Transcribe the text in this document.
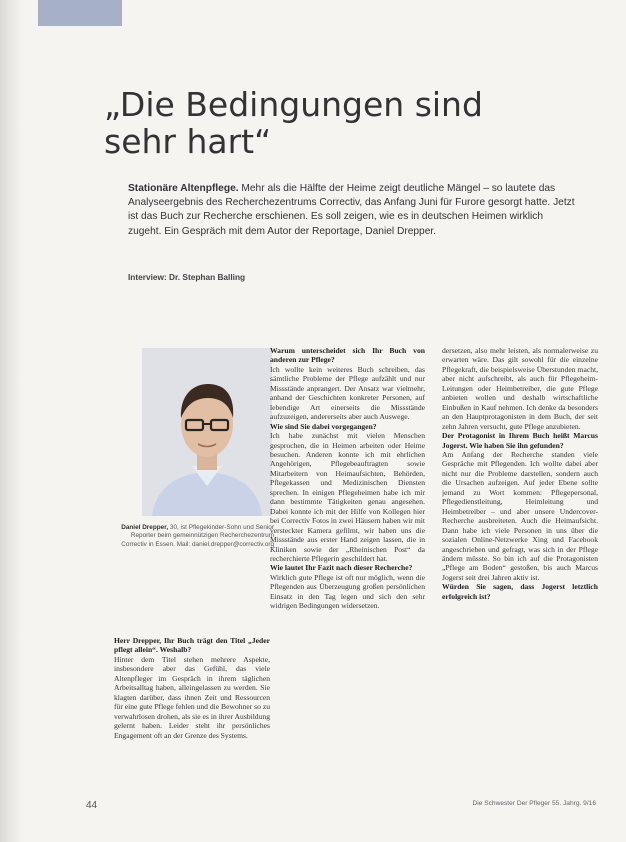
„Die Bedingungen sind sehr hart“

Stationäre Altenpflege. Mehr als die Hälfte der Heime zeigt deutliche Mängel – so lautete das Analyseergebnis des Recherchezentrums Correctiv, das Anfang Juni für Furore gesorgt hatte. Jetzt ist das Buch zur Recherche erschienen. Es soll zeigen, wie es in deutschen Heimen wirklich zugeht. Ein Gespräch mit dem Autor der Reportage, Daniel Drepper.

Interview: Dr. Stephan Balling

Daniel Drepper, 30, ist Pflegekinder-Sohn und Senior Reporter beim gemeinnützigen Recherchezentrum Correctiv in Essen. Mail: daniel.drepper@correctiv.org

Herr Drepper, Ihr Buch trägt den Titel „Jeder pflegt allein“. Weshalb?

Hinter dem Titel stehen mehrere Aspekte, insbesondere aber das Gefühl, das viele Altenpfleger im Gespräch in ihrem täglichen Arbeitsalltag haben, alleingelassen zu werden. Sie klagten darüber, dass ihnen Zeit und Ressourcen für eine gute Pflege fehlen und die Bewohner so zu verwahrlosen drohen, als sie es in ihrer Ausbildung gelernt haben. Leider steht ihr persönliches Engagement oft an der Grenze des Systems.

Warum unterscheidet sich Ihr Buch von anderen zur Pflege?

Ich wollte kein weiteres Buch schreiben, das sämtliche Probleme der Pflege aufzählt und nur Missstände anprangert. Der Ansatz war vielmehr, anhand der Geschichten konkreter Personen, auf lebendige Art einerseits die Missstände aufzuzeigen, andererseits aber auch Auswege.

Wie sind Sie dabei vorgegangen?

Ich habe zunächst mit vielen Menschen gesprochen, die in Heimen arbeiten oder Heime besuchen. Anderen konnte ich mit ehrlichen Angehörigen, Pflegebeauftragten sowie Mitarbeitern von Heimaufsichten, Behörden, Pflegekassen und Medizinischen Diensten sprechen. In einigen Pflegeheimen habe ich mir dann bestimmte Tätigkeiten genau angesehen. Dabei konnte ich mit der Hilfe von Kollegen hier bei Correctiv Fotos in zwei Häusern haben wir mit versteckter Kamera gefilmt, wir haben uns die Missstände aus erster Hand zeigen lassen, die in Kliniken sowie der „Rheinischen Post“ da recherchierte Pflegerin geschildert hat.

Wie lautet Ihr Fazit nach dieser Recherche?

Wirklich gute Pflege ist oft nur möglich, wenn die Pflegenden aus Überzeugung großen persönlichen Einsatz in den Tag legen und sich den sehr widrigen Bedingungen widersetzen.

dersetzen, also mehr leisten, als normalerweise zu erwarten wäre. Das gilt sowohl für die einzelne Pflegekraft, die beispielsweise Überstunden macht, aber nicht aufschreibt, als auch für Pflegeheim-Leitungen oder Heimbetreiber, die gute Pflege anbieten wollen und deshalb wirtschaftliche Einbußen in Kauf nehmen. Ich denke da besonders an den Hauptprotagonisten in dem Buch, der seit zehn Jahren versucht, gute Pflege anzubieten.

Der Protagonist in Ihrem Buch heißt Marcus Jogerst. Wie haben Sie ihn gefunden?

Am Anfang der Recherche standen viele Gespräche mit Pflegenden. Ich wollte dabei aber nicht nur die Probleme darstellen, sondern auch die Ursachen aufzeigen. Auf jeder Ebene sollte jemand zu Wort kommen: Pflegepersonal, Pflegedienstleitung, Heimleitung und Heimbetreiber – und aber unsere Undercover-Recherche ausbreiteten. Auch die Heimaufsicht. Dann habe ich viele Personen in uns über die sozialen Online-Netzwerke Xing und Facebook angeschrieben und gefragt, was sich in der Pflege ändern müsste. So bin ich auf die Protagonisten „Pflege am Boden“ gestoßen, bis auch Marcus Jogerst seit drei Jahren aktiv ist.

Würden Sie sagen, dass Jogerst letztlich erfolgreich ist?

44	Die Schwester Der Pfleger 55. Jahrg. 9/16
